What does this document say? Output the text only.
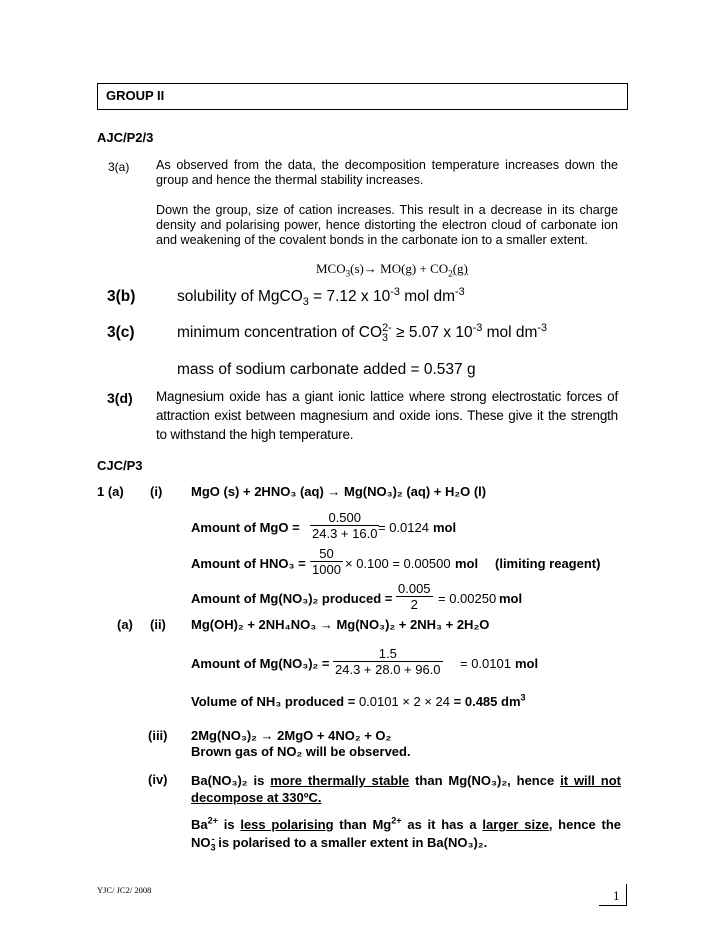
GROUP II
AJC/P2/3
3(a) As observed from the data, the decomposition temperature increases down the group and hence the thermal stability increases.
Down the group, size of cation increases. This result in a decrease in its charge density and polarising power, hence distorting the electron cloud of carbonate ion and weakening of the covalent bonds in the carbonate ion to a smaller extent.
$MCO_3(s)\to MO(g) + CO_2(g)$
3(b)	solubility of MgCO$_3$ = 7.12 x $10^{-3}$ mol $dm^{-3}$
3(c)	minimum concentration of $CO_3^{2-} \ge 5.07$ x $10^{-3}$ mol $dm^{-3}$
mass of sodium carbonate added = 0.537 g
3(d) Magnesium oxide has a giant ionic lattice where strong electrostatic forces of attraction exist between magnesium and oxide ions. These give it the strength to withstand the high temperature.
CJC/P3
1 (a) (i) MgO (s) + 2HNO₃ (aq) → Mg(NO₃)₂ (aq) + H₂O (l)
Amount of MgO = $\frac{0.500}{24.3 + 16.0}$
= 0.0124 mol
Amount of $HNO_3 = \frac{50}{1000} \times 0.100 = 0.00500$ mol (limiting reagent)
Amount of Mg(NO₃)₂ produced = $\frac{0.005}{2} = 0.00250$ mol
(a) (ii) Mg(OH)₂ + 2NH₄NO₃ → Mg(NO₃)₂ + 2NH₃ + 2H₂O
Amount of $Mg(NO_3)_2 = \frac{1.5}{24.3 + 28.0 + 96.0} = 0.0101$ mol
Volume of NH₃ produced = 0.0101 × 2 × 24 = 0.485 $dm^3$
(iii) 2Mg(NO₃)₂ → 2MgO + 4NO₂ + O₂
Brown gas of NO₂ will be observed.
(iv) Ba(NO₃)₂ is more thermally stable than Mg(NO₃)₂, hence it will not decompose at 330ºC.
$Ba^{2+}$ is less polarising than $Mg^{2+}$ as it has a larger size, hence the $NO_3^-$ is polarised to a smaller extent in Ba(NO₃)₂.
YJC/ JC2/ 2008	1
